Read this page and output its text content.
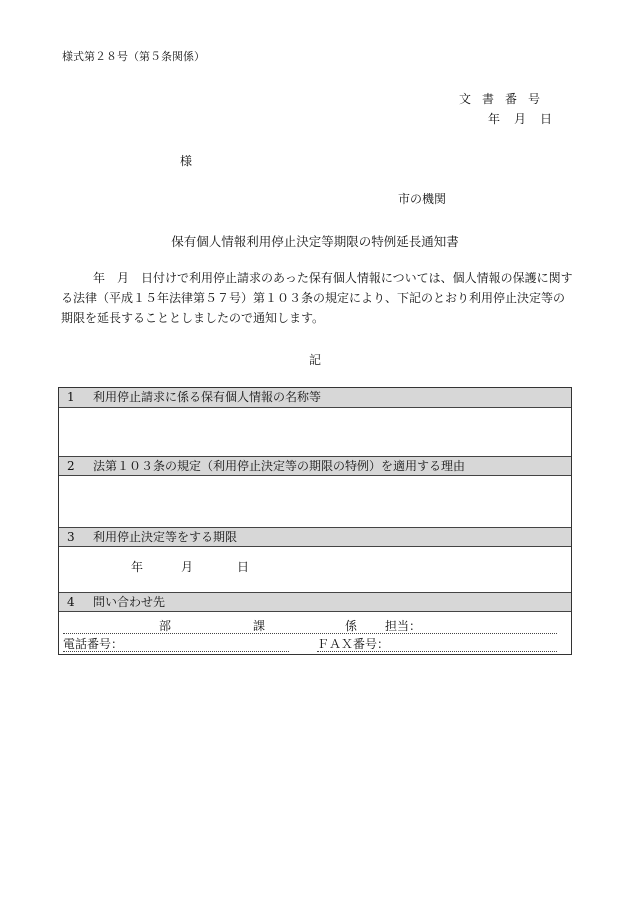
様式第２８号（第５条関係）
文書番号
年 月 日
様
市の機関
保有個人情報利用停止決定等期限の特例延長通知書
年　月　日付けで利用停止請求のあった保有個人情報については、個人情報の保護に関する法律（平成１５年法律第５７号）第１０３条の規定により、下記のとおり利用停止決定等の期限を延長することとしましたので通知します。
記
1 利用停止請求に係る保有個人情報の名称等
2 法第１０３条の規定（利用停止決定等の期限の特例）を適用する理由
3 利用停止決定等をする期限
年	月	日
4 問い合わせ先
部	課	係 担当：
電話番号：	ＦＡＸ番号：
